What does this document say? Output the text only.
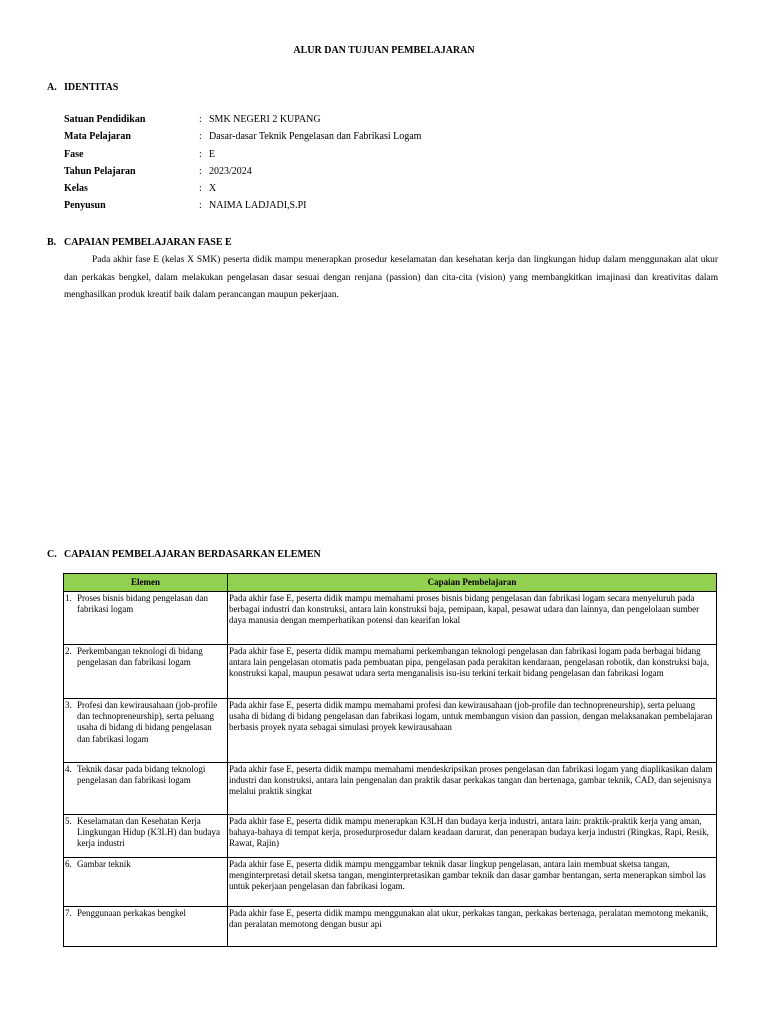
ALUR DAN TUJUAN PEMBELAJARAN
A. IDENTITAS
Satuan Pendidikan	: SMK NEGERI 2 KUPANG
Mata Pelajaran	: Dasar-dasar Teknik Pengelasan dan Fabrikasi Logam
Fase	: E
Tahun Pelajaran	: 2023/2024
Kelas	: X
Penyusun	: NAIMA LADJADI,S.PI
B. CAPAIAN PEMBELAJARAN FASE E

Pada akhir fase E (kelas X SMK) peserta didik mampu menerapkan prosedur keselamatan dan kesehatan kerja dan lingkungan hidup dalam menggunakan alat ukur dan perkakas bengkel, dalam melakukan pengelasan dasar sesuai dengan renjana (passion) dan cita-cita (vision) yang membangkitkan imajinasi dan kreativitas dalam menghasilkan produk kreatif baik dalam perancangan maupun pekerjaan.

C. CAPAIAN PEMBELAJARAN BERDASARKAN ELEMEN
Elemen	Capaian Pembelajaran

1. Proses bisnis bidang pengelasan dan fabrikasi logam	Pada akhir fase E, peserta didik mampu memahami proses bisnis bidang pengelasan dan fabrikasi logam secara menyeluruh pada berbagai industri dan konstruksi, antara lain konstruksi baja, pemipaan, kapal, pesawat udara dan lainnya, dan pengelolaan sumber daya manusia dengan memperhatikan potensi dan kearifan lokal

2. Perkembangan teknologi di bidang pengelasan dan fabrikasi logam	Pada akhir fase E, peserta didik mampu memahami perkembangan teknologi pengelasan dan fabrikasi logam pada berbagai bidang antara lain pengelasan otomatis pada pembuatan pipa, pengelasan pada perakitan kendaraan, pengelasan robotik, dan konstruksi baja, konstruksi kapal, maupun pesawat udara serta menganalisis isu-isu terkini terkait bidang pengelasan dan fabrikasi logam

3. Profesi dan kewirausahaan (job-profile dan technopreneurship), serta peluang usaha di bidang di bidang pengelasan dan fabrikasi logam	Pada akhir fase E, peserta didik mampu memahami profesi dan kewirausahaan (job-profile dan technopreneurship), serta peluang usaha di bidang di bidang pengelasan dan fabrikasi logam, untuk membangun vision dan passion, dengan melaksanakan pembelajaran berbasis proyek nyata sebagai simulasi proyek kewirausahaan

4. Teknik dasar pada bidang teknologi pengelasan dan fabrikasi logam	Pada akhir fase E, peserta didik mampu memahami mendeskripsikan proses pengelasan dan fabrikasi logam yang diaplikasikan dalam industri dan konstruksi, antara lain pengenalan dan praktik dasar perkakas tangan dan bertenaga, gambar teknik, CAD, dan sejenisnya melalui praktik singkat

5. Keselamatan dan Kesehatan Kerja Lingkungan Hidup (K3LH) dan budaya kerja industri	Pada akhir fase E, peserta didik mampu menerapkan K3LH dan budaya kerja industri, antara lain: praktik-praktik kerja yang aman, bahaya-bahaya di tempat kerja, prosedurprosedur dalam keadaan darurat, dan penerapan budaya kerja industri (Ringkas, Rapi, Resik, Rawat, Rajin)

6. Gambar teknik	Pada akhir fase E, peserta didik mampu menggambar teknik dasar lingkup pengelasan, antara lain membuat sketsa tangan, menginterpretasi detail sketsa tangan, menginterpretasikan gambar teknik dan dasar gambar bentangan, serta menerapkan simbol las untuk pekerjaan pengelasan dan fabrikasi logam.

7. Penggunaan perkakas bengkel	Pada akhir fase E, peserta didik mampu menggunakan alat ukur, perkakas tangan, perkakas bertenaga, peralatan memotong mekanik, dan peralatan memotong dengan busur api
